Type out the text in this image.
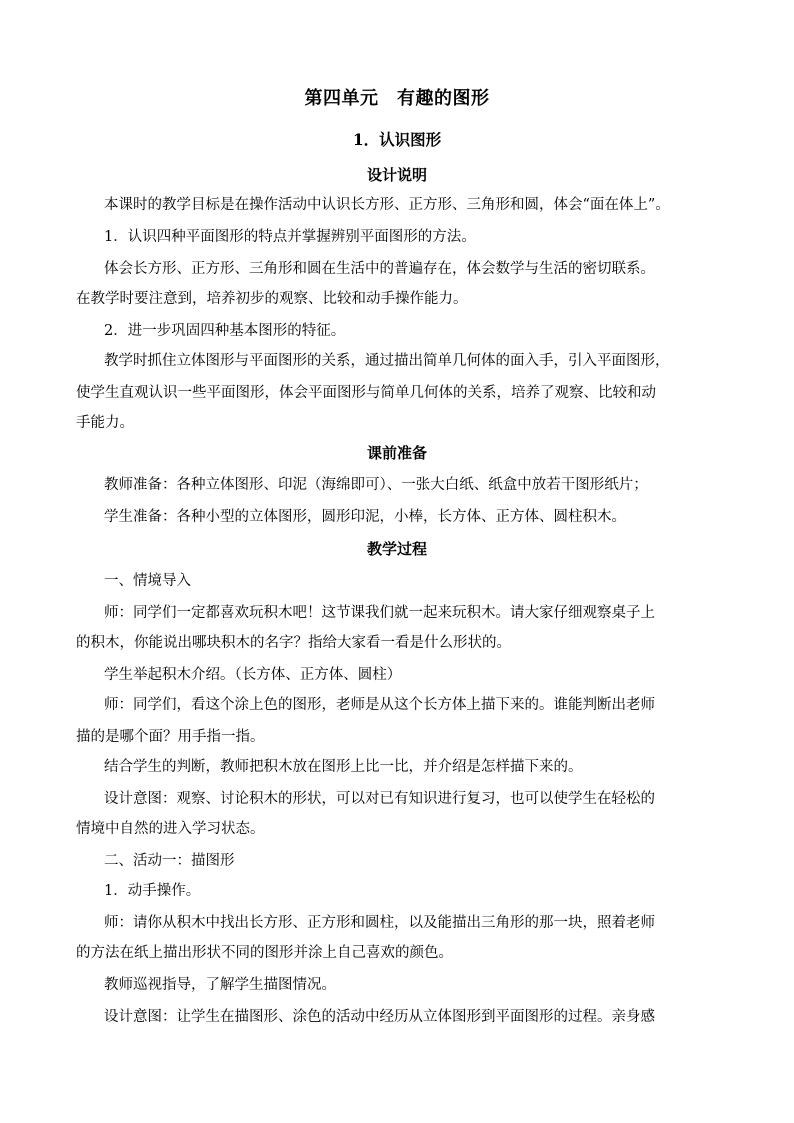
第四单元　有趣的图形
1．认识图形
设计说明
本课时的教学目标是在操作活动中认识长方形、正方形、三角形和圆，体会“面在体上”。
1．认识四种平面图形的特点并掌握辨别平面图形的方法。
体会长方形、正方形、三角形和圆在生活中的普遍存在，体会数学与生活的密切联系。
在教学时要注意到，培养初步的观察、比较和动手操作能力。
2．进一步巩固四种基本图形的特征。
教学时抓住立体图形与平面图形的关系，通过描出简单几何体的面入手，引入平面图形，
使学生直观认识一些平面图形，体会平面图形与简单几何体的关系，培养了观察、比较和动
手能力。
课前准备
教师准备：各种立体图形、印泥（海绵即可）、一张大白纸、纸盒中放若干图形纸片；
学生准备：各种小型的立体图形，圆形印泥，小棒，长方体、正方体、圆柱积木。
教学过程
一、情境导入
师：同学们一定都喜欢玩积木吧！这节课我们就一起来玩积木。请大家仔细观察桌子上
的积木，你能说出哪块积木的名字？指给大家看一看是什么形状的。
学生举起积木介绍。（长方体、正方体、圆柱）
师：同学们，看这个涂上色的图形，老师是从这个长方体上描下来的。谁能判断出老师
描的是哪个面？用手指一指。
结合学生的判断，教师把积木放在图形上比一比，并介绍是怎样描下来的。
设计意图：观察、讨论积木的形状，可以对已有知识进行复习，也可以使学生在轻松的
情境中自然的进入学习状态。
二、活动一：描图形
1．动手操作。
师：请你从积木中找出长方形、正方形和圆柱，以及能描出三角形的那一块，照着老师
的方法在纸上描出形状不同的图形并涂上自己喜欢的颜色。
教师巡视指导，了解学生描图情况。
设计意图：让学生在描图形、涂色的活动中经历从立体图形到平面图形的过程。亲身感
